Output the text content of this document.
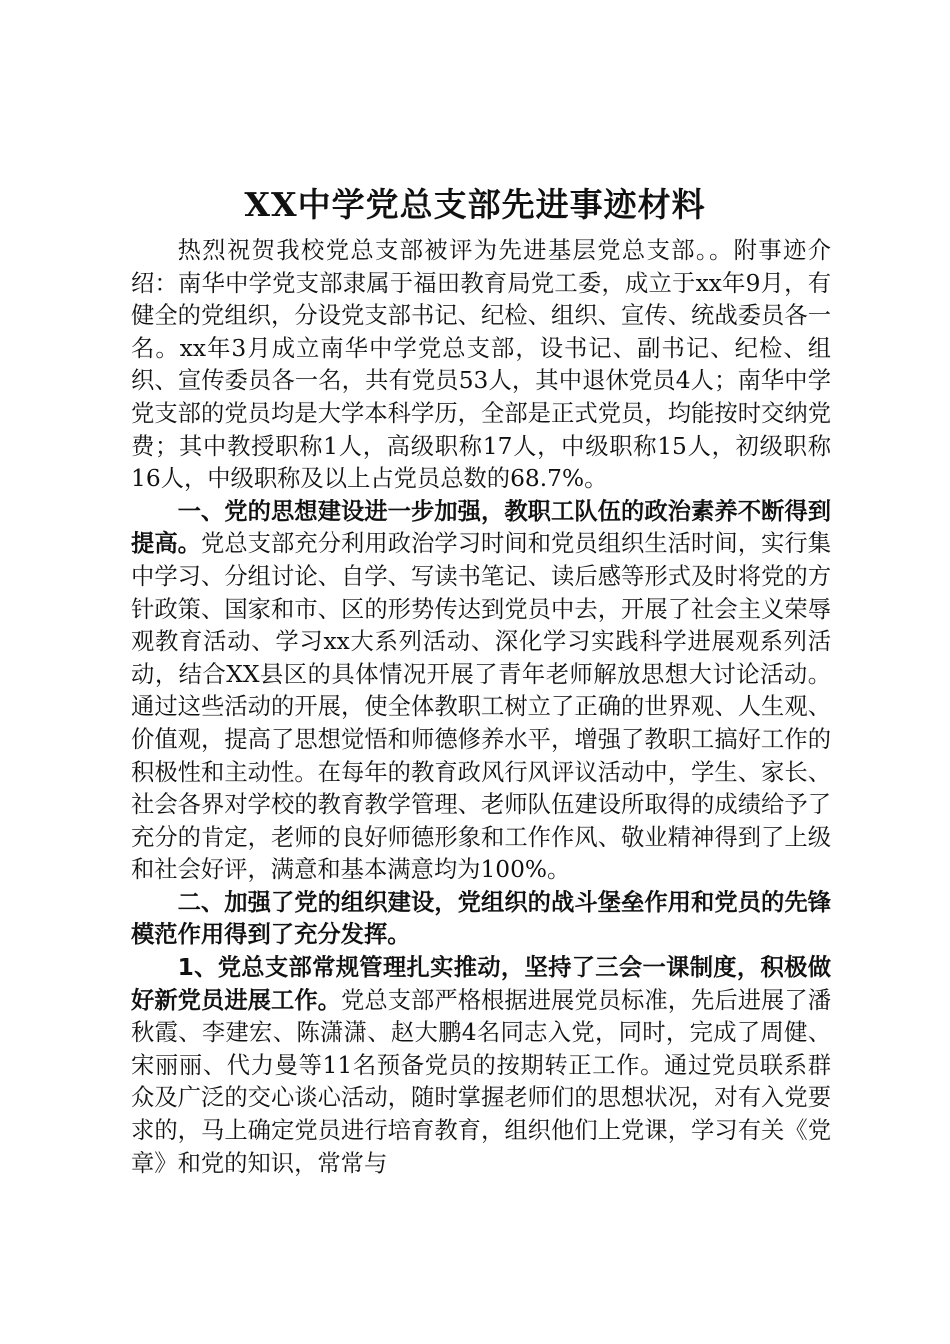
XX中学党总支部先进事迹材料

热烈祝贺我校党总支部被评为先进基层党总支部。。附事迹介绍：南华中学党支部隶属于福田教育局党工委，成立于xx年9月，有健全的党组织，分设党支部书记、纪检、组织、宣传、统战委员各一名。xx年3月成立南华中学党总支部，设书记、副书记、纪检、组织、宣传委员各一名，共有党员53人，其中退休党员4人；南华中学党支部的党员均是大学本科学历，全部是正式党员，均能按时交纳党费；其中教授职称1人，高级职称17人，中级职称15人，初级职称16人，中级职称及以上占党员总数的68.7%。

一、党的思想建设进一步加强，教职工队伍的政治素养不断得到提高。党总支部充分利用政治学习时间和党员组织生活时间，实行集中学习、分组讨论、自学、写读书笔记、读后感等形式及时将党的方针政策、国家和市、区的形势传达到党员中去，开展了社会主义荣辱观教育活动、学习xx大系列活动、深化学习实践科学进展观系列活动，结合XX县区的具体情况开展了青年老师解放思想大讨论活动。通过这些活动的开展，使全体教职工树立了正确的世界观、人生观、价值观，提高了思想觉悟和师德修养水平，增强了教职工搞好工作的积极性和主动性。在每年的教育政风行风评议活动中，学生、家长、社会各界对学校的教育教学管理、老师队伍建设所取得的成绩给予了充分的肯定，老师的良好师德形象和工作作风、敬业精神得到了上级和社会好评，满意和基本满意均为100%。

二、加强了党的组织建设，党组织的战斗堡垒作用和党员的先锋模范作用得到了充分发挥。

1、党总支部常规管理扎实推动，坚持了三会一课制度，积极做好新党员进展工作。党总支部严格根据进展党员标准，先后进展了潘秋霞、李建宏、陈潇潇、赵大鹏4名同志入党，同时，完成了周健、宋丽丽、代力曼等11名预备党员的按期转正工作。通过党员联系群众及广泛的交心谈心活动，随时掌握老师们的思想状况，对有入党要求的，马上确定党员进行培育教育，组织他们上党课，学习有关《党章》和党的知识，常常与
